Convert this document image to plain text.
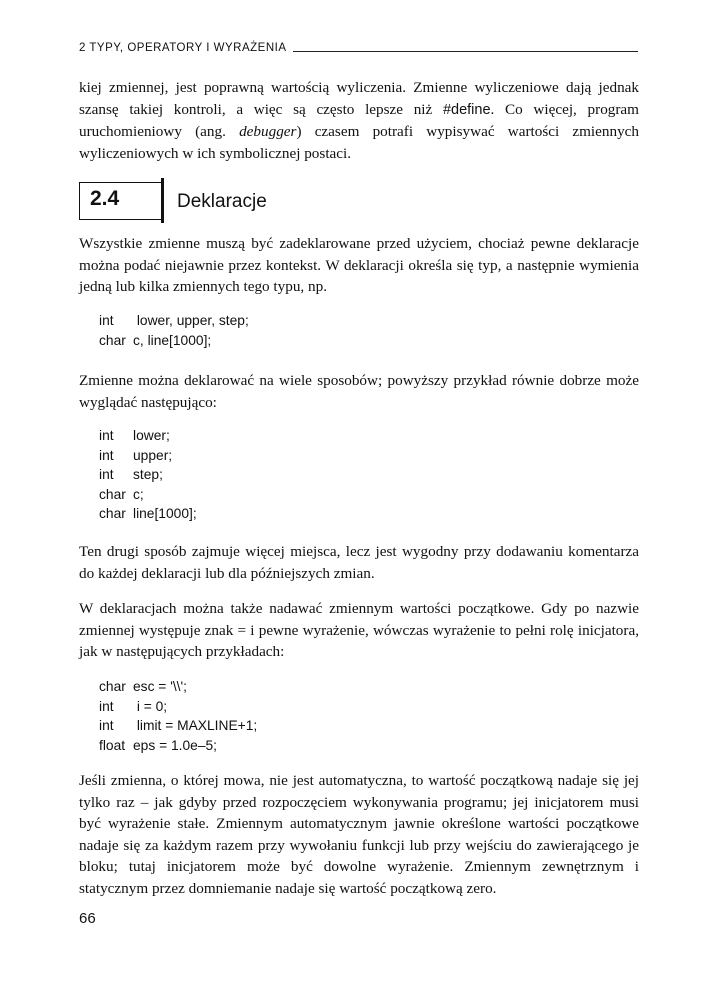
2 TYPY, OPERATORY I WYRAŻENIA

kiej zmiennej, jest poprawną wartością wyliczenia. Zmienne wyliczeniowe dają jednak szansę takiej kontroli, a więc są często lepsze niż #define. Co więcej, program uruchomieniowy (ang. debugger) czasem potrafi wypisywać wartości zmiennych wyliczeniowych w ich symbolicznej postaci.

2.4	Deklaracje

Wszystkie zmienne muszą być zadeklarowane przed użyciem, chociaż pewne deklaracje można podać niejawnie przez kontekst. W deklaracji określa się typ, a następnie wymienia jedną lub kilka zmiennych tego typu, np.

int	lower, upper, step;
char c, line[1000];

Zmienne można deklarować na wiele sposobów; powyższy przykład równie dobrze może wyglądać następująco:

int	lower;
int	upper;
int	step;
char c;
char line[1000];

Ten drugi sposób zajmuje więcej miejsca, lecz jest wygodny przy dodawaniu komentarza do każdej deklaracji lub dla późniejszych zmian.

W deklaracjach można także nadawać zmiennym wartości początkowe. Gdy po nazwie zmiennej występuje znak = i pewne wyrażenie, wówczas wyrażenie to pełni rolę inicjatora, jak w następujących przykładach:

char esc = '\\';
int	i = 0;
int	limit = MAXLINE+1;
float eps = 1.0e–5;

Jeśli zmienna, o której mowa, nie jest automatyczna, to wartość początkową nadaje się jej tylko raz – jak gdyby przed rozpoczęciem wykonywania programu; jej inicjatorem musi być wyrażenie stałe. Zmiennym automatycznym jawnie określone wartości początkowe nadaje się za każdym razem przy wywołaniu funkcji lub przy wejściu do zawierającego je bloku; tutaj inicjatorem może być dowolne wyrażenie. Zmiennym zewnętrznym i statycznym przez domniemanie nadaje się wartość początkową zero.

66
